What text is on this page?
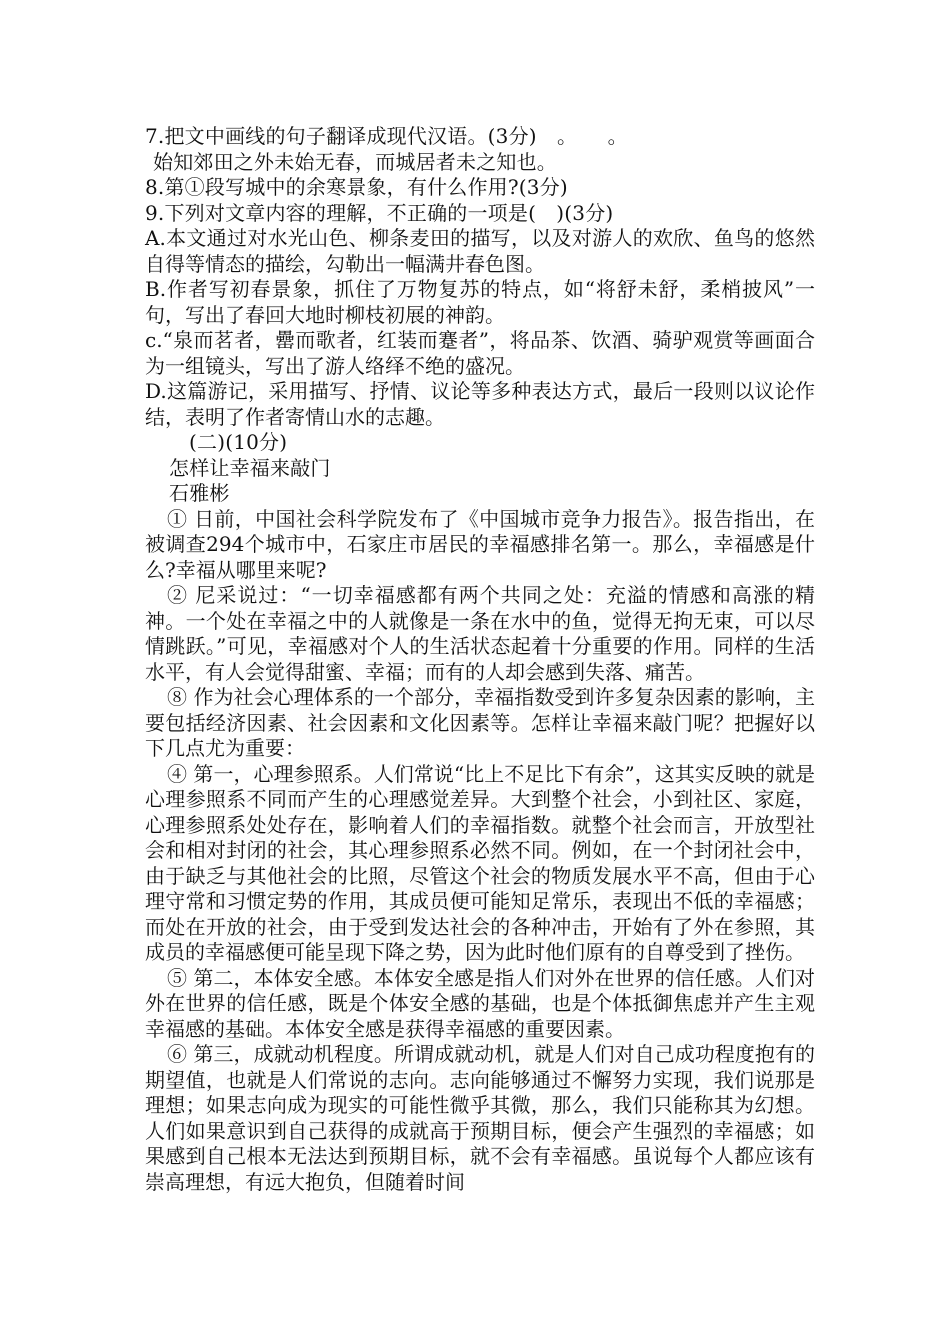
7.把文中画线的句子翻译成现代汉语。(3分)　。　　。
始知郊田之外未始无春，而城居者未之知也。
8.第①段写城中的余寒景象，有什么作用?(3分)
9.下列对文章内容的理解，不正确的一项是(　)(3分)
A.本文通过对水光山色、柳条麦田的描写，以及对游人的欢欣、鱼鸟的悠然自得等情态的描绘，勾勒出一幅满井春色图。
B.作者写初春景象，抓住了万物复苏的特点，如“将舒未舒，柔梢披风”一句，写出了春回大地时柳枝初展的神韵。
c.“泉而茗者，罍而歌者，红装而蹇者”，将品茶、饮酒、骑驴观赏等画面合为一组镜头，写出了游人络绎不绝的盛况。
D.这篇游记，采用描写、抒情、议论等多种表达方式，最后一段则以议论作结，表明了作者寄情山水的志趣。
(二)(10分)
怎样让幸福来敲门
石雅彬
① 日前，中国社会科学院发布了《中国城市竞争力报告》。报告指出，在被调查294个城市中，石家庄市居民的幸福感排名第一。那么，幸福感是什么?幸福从哪里来呢?
② 尼采说过：“一切幸福感都有两个共同之处：充溢的情感和高涨的精神。一个处在幸福之中的人就像是一条在水中的鱼，觉得无拘无束，可以尽情跳跃。”可见，幸福感对个人的生活状态起着十分重要的作用。同样的生活水平，有人会觉得甜蜜、幸福；而有的人却会感到失落、痛苦。
⑧ 作为社会心理体系的一个部分，幸福指数受到许多复杂因素的影响，主要包括经济因素、社会因素和文化因素等。怎样让幸福来敲门呢？把握好以下几点尤为重要：
④ 第一，心理参照系。人们常说“比上不足比下有余”，这其实反映的就是心理参照系不同而产生的心理感觉差异。大到整个社会，小到社区、家庭，心理参照系处处存在，影响着人们的幸福指数。就整个社会而言，开放型社会和相对封闭的社会，其心理参照系必然不同。例如，在一个封闭社会中，由于缺乏与其他社会的比照，尽管这个社会的物质发展水平不高，但由于心理守常和习惯定势的作用，其成员便可能知足常乐，表现出不低的幸福感；而处在开放的社会，由于受到发达社会的各种冲击，开始有了外在参照，其成员的幸福感便可能呈现下降之势，因为此时他们原有的自尊受到了挫伤。
⑤ 第二，本体安全感。本体安全感是指人们对外在世界的信任感。人们对外在世界的信任感，既是个体安全感的基础，也是个体抵御焦虑并产生主观幸福感的基础。本体安全感是获得幸福感的重要因素。
⑥ 第三，成就动机程度。所谓成就动机，就是人们对自己成功程度抱有的期望值，也就是人们常说的志向。志向能够通过不懈努力实现，我们说那是理想；如果志向成为现实的可能性微乎其微，那么，我们只能称其为幻想。人们如果意识到自己获得的成就高于预期目标，便会产生强烈的幸福感；如果感到自己根本无法达到预期目标，就不会有幸福感。虽说每个人都应该有崇高理想，有远大抱负，但随着时间
